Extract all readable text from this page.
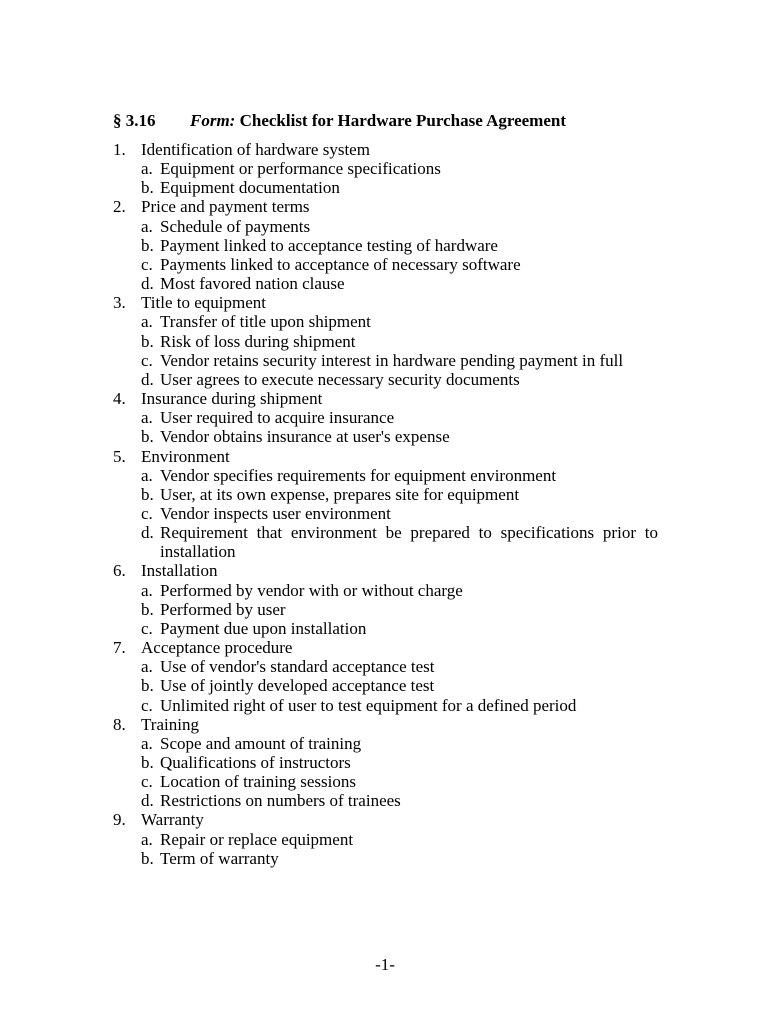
§ 3.16 Form: Checklist for Hardware Purchase Agreement
1. Identification of hardware system
a. Equipment or performance specifications
b. Equipment documentation
2. Price and payment terms
a. Schedule of payments
b. Payment linked to acceptance testing of hardware
c. Payments linked to acceptance of necessary software
d. Most favored nation clause
3. Title to equipment
a. Transfer of title upon shipment
b. Risk of loss during shipment
c. Vendor retains security interest in hardware pending payment in full
d. User agrees to execute necessary security documents
4. Insurance during shipment
a. User required to acquire insurance
b. Vendor obtains insurance at user's expense
5. Environment
a. Vendor specifies requirements for equipment environment
b. User, at its own expense, prepares site for equipment
c. Vendor inspects user environment
d. Requirement that environment be prepared to specifications prior to installation
6. Installation
a. Performed by vendor with or without charge
b. Performed by user
c. Payment due upon installation
7. Acceptance procedure
a. Use of vendor's standard acceptance test
b. Use of jointly developed acceptance test
c. Unlimited right of user to test equipment for a defined period
8. Training
a. Scope and amount of training
b. Qualifications of instructors
c. Location of training sessions
d. Restrictions on numbers of trainees
9. Warranty
a. Repair or replace equipment
b. Term of warranty
-1-
